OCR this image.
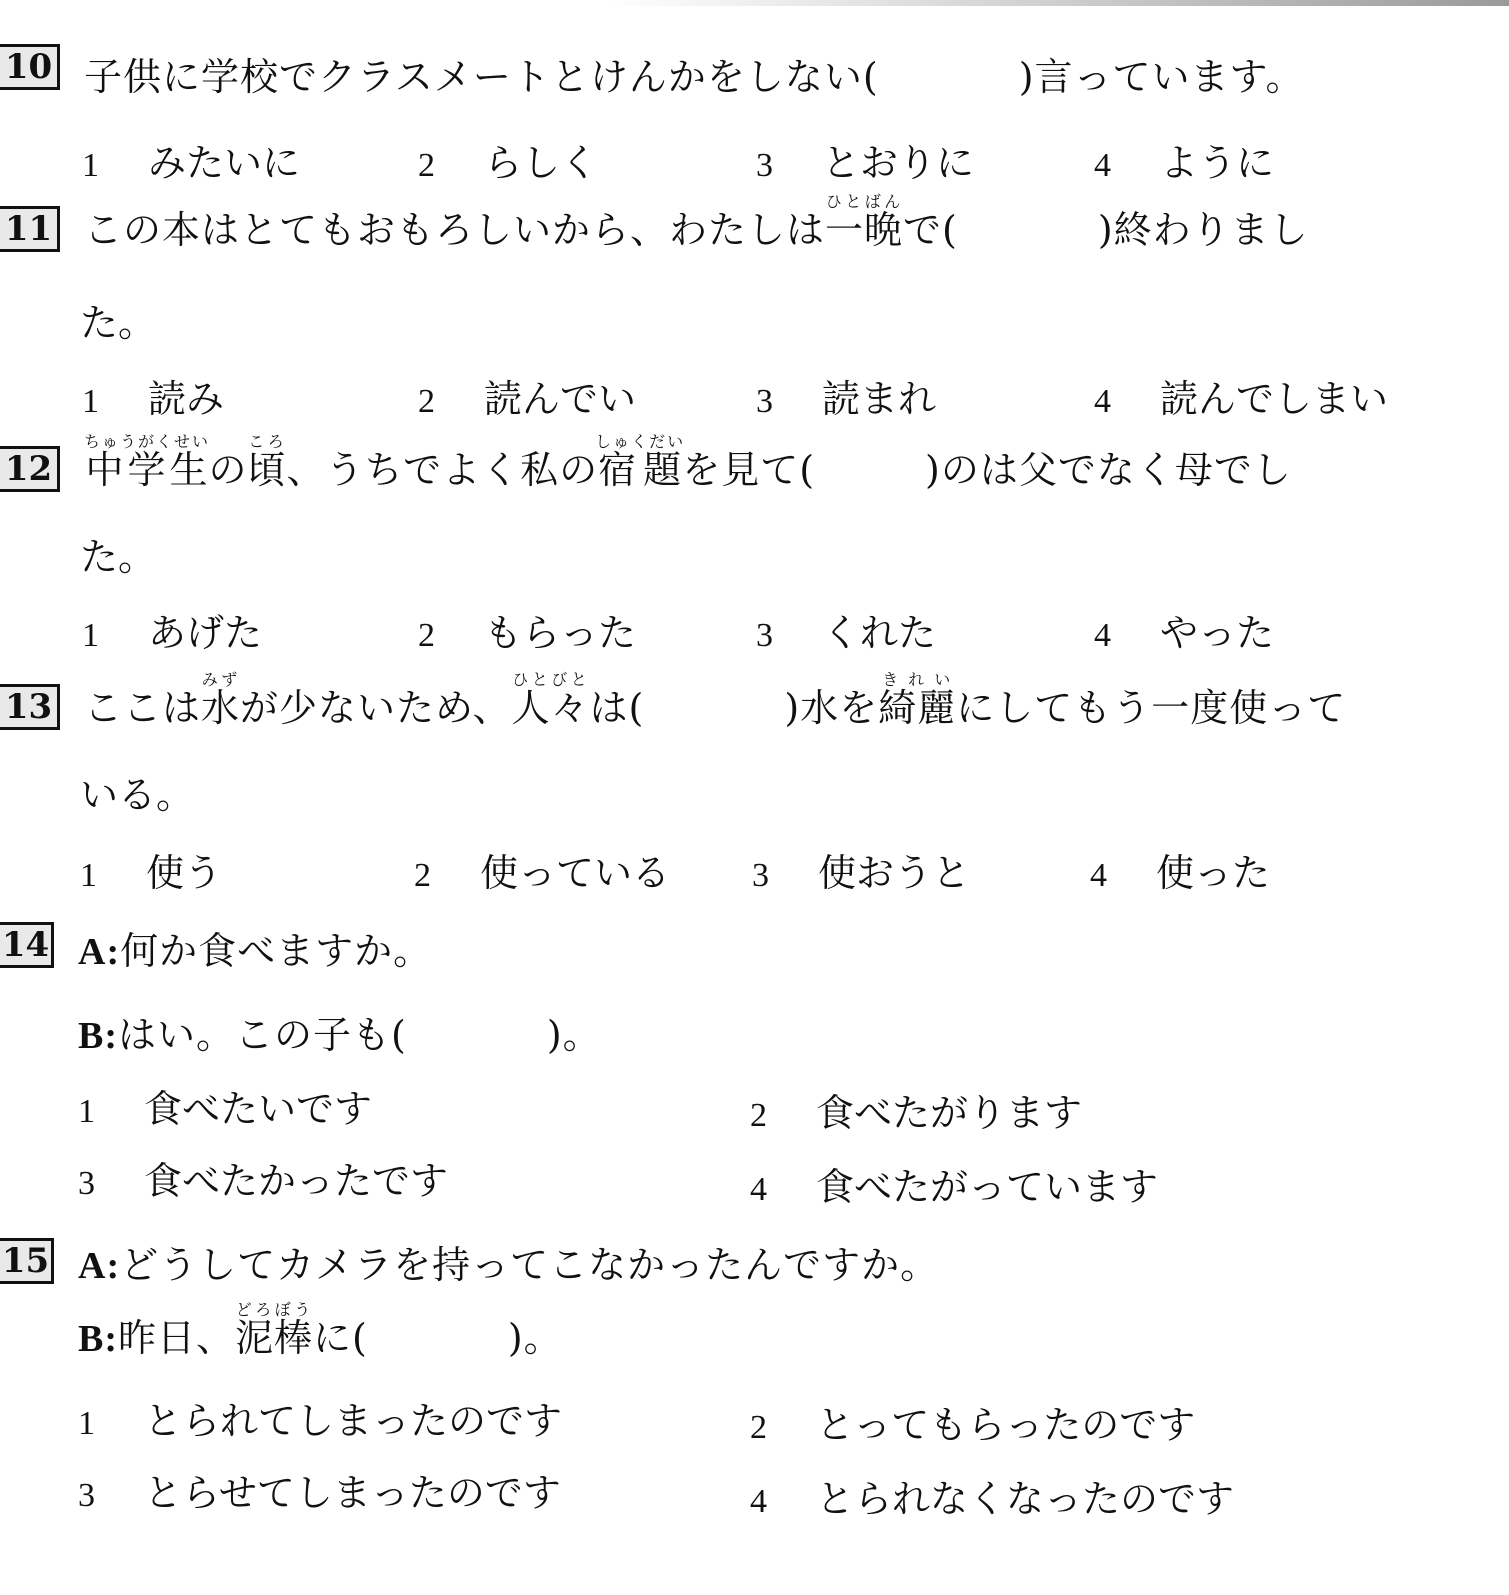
10 子供に学校でクラスメートとけんかをしない(	)言っています。
1 みたいに	2 らしく	3 とおりに	4 ように
11 この本はとてもおもろしいから、わたしは一晩ひとばんで(	)終わりまし
た。
1 読み	2 読んでい	3 読まれ	4 読んでしまい
12 中学生ちゅうがくせいの頃ころ、うちでよく私の宿題しゅくだいを見て(	)のは父でなく母でし
た。
1 あげた	2 もらった	3 くれた	4 やった
13 ここは水みずが少ないため、人々ひとびとは(	)水を綺麗きれいにしてもう一度使って
いる。
1 使う	2 使っている 3 使おうと	4 使った
14 A:何か食べますか。
B:はい。この子も(	)。
1 食べたいです	2 食べたがります
3 食べたかったです	4 食べたがっています
15 A:どうしてカメラを持ってこなかったんですか。
B:昨日、泥棒どろぼうに(	)。
1 とられてしまったのです	2 とってもらったのです
3 とらせてしまったのです	4 とられなくなったのです
